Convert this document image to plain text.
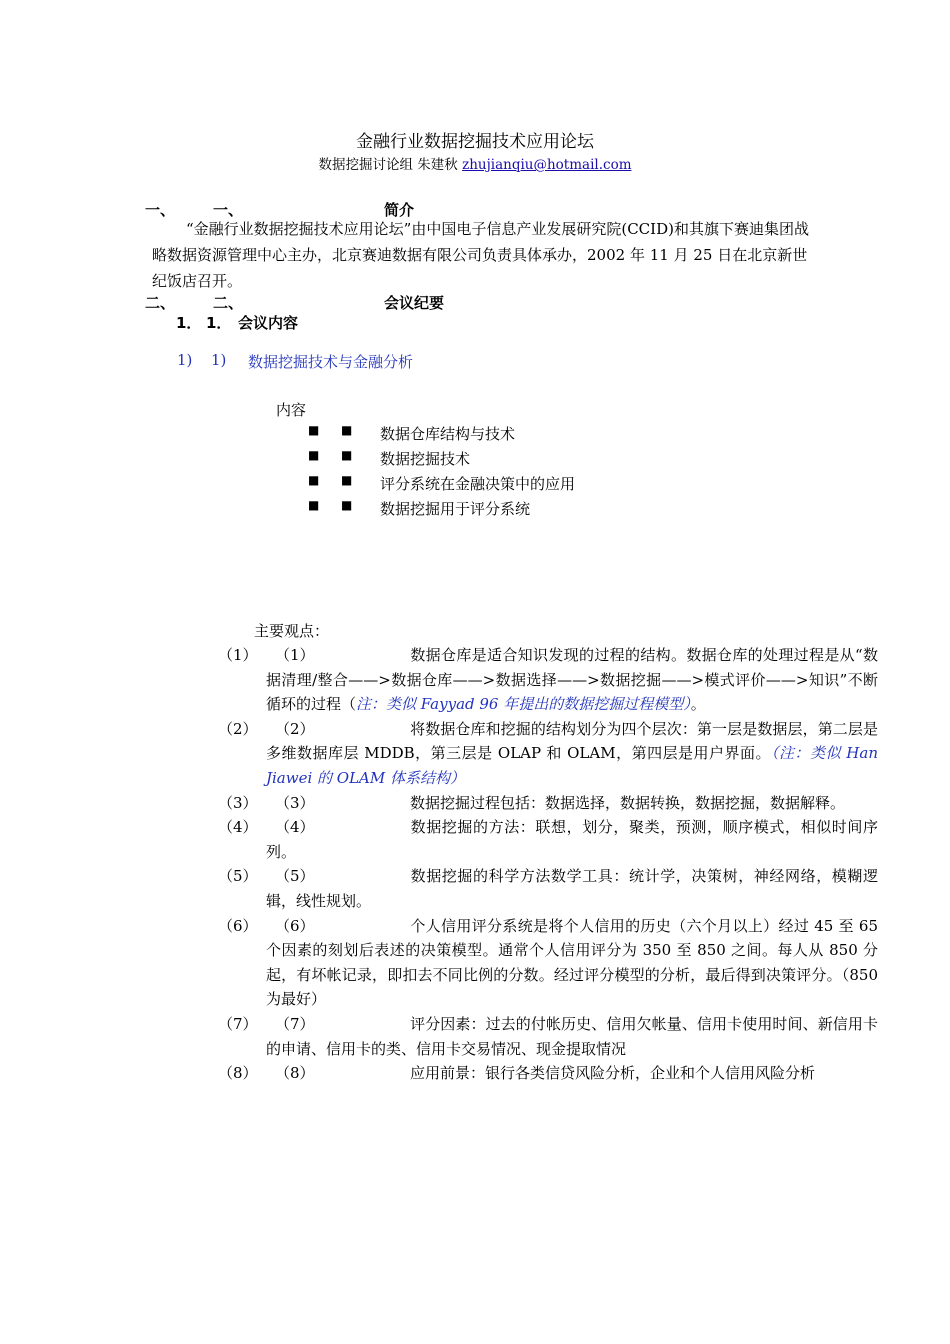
金融行业数据挖掘技术应用论坛
数据挖掘讨论组 朱建秋 zhujianqiu@hotmail.com
一、	一、	简介
“金融行业数据挖掘技术应用论坛”由中国电子信息产业发展研究院(CCID)和其旗下赛迪集团战略数据资源管理中心主办，北京赛迪数据有限公司负责具体承办，2002 年 11 月 25 日在北京新世纪饭店召开。
二、	二、	会议纪要
1． 1． 会议内容
1) 1) 数据挖掘技术与金融分析
内容
■	■	数据仓库结构与技术
■	■	数据挖掘技术
■	■	评分系统在金融决策中的应用
■	■	数据挖掘用于评分系统
主要观点：
（1）	（1）	数据仓库是适合知识发现的过程的结构。数据仓库的处理过程是从“数据清理/整合——>数据仓库——>数据选择——>数据挖掘——>模式评价——>知识”不断循环的过程（注：类似 Fayyad 96 年提出的数据挖掘过程模型）。
（2）	（2）	将数据仓库和挖掘的结构划分为四个层次：第一层是数据层，第二层是多维数据库层 MDDB，第三层是 OLAP 和 OLAM，第四层是用户界面。（注：类似 Han Jiawei 的 OLAM 体系结构）
（3）	（3）	数据挖掘过程包括：数据选择，数据转换，数据挖掘，数据解释。
（4）	（4）	数据挖掘的方法：联想，划分，聚类，预测，顺序模式，相似时间序列。
（5）	（5）	数据挖掘的科学方法数学工具：统计学，决策树，神经网络，模糊逻辑，线性规划。
（6）	（6）	个人信用评分系统是将个人信用的历史（六个月以上）经过 45 至 65 个因素的刻划后表述的决策模型。通常个人信用评分为 350 至 850 之间。每人从 850 分起，有坏帐记录，即扣去不同比例的分数。经过评分模型的分析，最后得到决策评分。（850 为最好）
（7）	（7）	评分因素：过去的付帐历史、信用欠帐量、信用卡使用时间、新信用卡的申请、信用卡的类、信用卡交易情况、现金提取情况
（8）	（8）	应用前景：银行各类信贷风险分析，企业和个人信用风险分析
